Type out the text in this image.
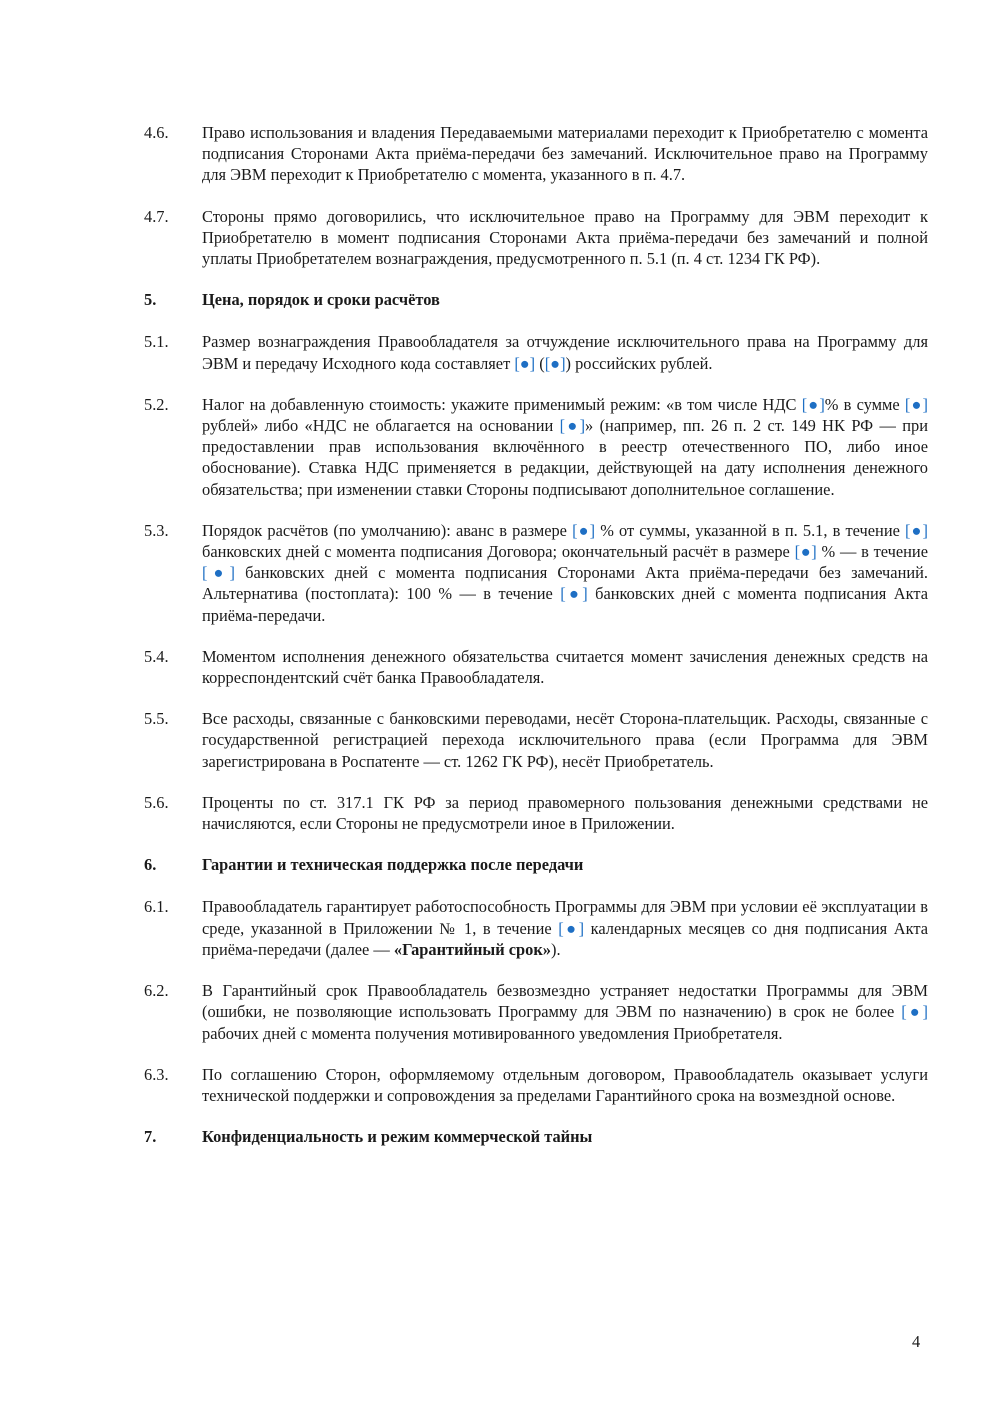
4.6.	Право использования и владения Передаваемыми материалами переходит к Приобретателю с момента подписания Сторонами Акта приёма-передачи без замечаний. Исключительное право на Программу для ЭВМ переходит к Приобретателю с момента, указанного в п. 4.7.
4.7.	Стороны прямо договорились, что исключительное право на Программу для ЭВМ переходит к Приобретателю в момент подписания Сторонами Акта приёма-передачи без замечаний и полной уплаты Приобретателем вознаграждения, предусмотренного п. 5.1 (п. 4 ст. 1234 ГК РФ).
5.	Цена, порядок и сроки расчётов
5.1.	Размер вознаграждения Правообладателя за отчуждение исключительного права на Программу для ЭВМ и передачу Исходного кода составляет [●] ([●]) российских рублей.
5.2.	Налог на добавленную стоимость: укажите применимый режим: «в том числе НДС [●]% в сумме [●] рублей» либо «НДС не облагается на основании [●]» (например, пп. 26 п. 2 ст. 149 НК РФ — при предоставлении прав использования включённого в реестр отечественного ПО, либо иное обоснование). Ставка НДС применяется в редакции, действующей на дату исполнения денежного обязательства; при изменении ставки Стороны подписывают дополнительное соглашение.
5.3.	Порядок расчётов (по умолчанию): аванс в размере [●] % от суммы, указанной в п. 5.1, в течение [●] банковских дней с момента подписания Договора; окончательный расчёт в размере [●] % — в течение [●] банковских дней с момента подписания Сторонами Акта приёма-передачи без замечаний. Альтернатива (постоплата): 100 % — в течение [●] банковских дней с момента подписания Акта приёма-передачи.
5.4.	Моментом исполнения денежного обязательства считается момент зачисления денежных средств на корреспондентский счёт банка Правообладателя.
5.5.	Все расходы, связанные с банковскими переводами, несёт Сторона-плательщик. Расходы, связанные с государственной регистрацией перехода исключительного права (если Программа для ЭВМ зарегистрирована в Роспатенте — ст. 1262 ГК РФ), несёт Приобретатель.
5.6.	Проценты по ст. 317.1 ГК РФ за период правомерного пользования денежными средствами не начисляются, если Стороны не предусмотрели иное в Приложении.
6.	Гарантии и техническая поддержка после передачи
6.1.	Правообладатель гарантирует работоспособность Программы для ЭВМ при условии её эксплуатации в среде, указанной в Приложении № 1, в течение [●] календарных месяцев со дня подписания Акта приёма-передачи (далее — «Гарантийный срок»).
6.2.	В Гарантийный срок Правообладатель безвозмездно устраняет недостатки Программы для ЭВМ (ошибки, не позволяющие использовать Программу для ЭВМ по назначению) в срок не более [●] рабочих дней с момента получения мотивированного уведомления Приобретателя.
6.3.	По соглашению Сторон, оформляемому отдельным договором, Правообладатель оказывает услуги технической поддержки и сопровождения за пределами Гарантийного срока на возмездной основе.
7.	Конфиденциальность и режим коммерческой тайны
4
